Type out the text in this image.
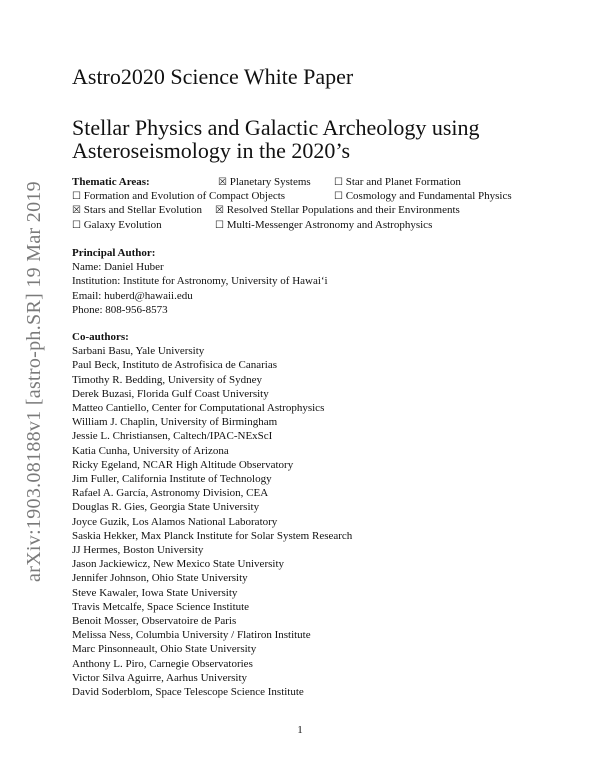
arXiv:1903.08188v1 [astro-ph.SR] 19 Mar 2019
Astro2020 Science White Paper
Stellar Physics and Galactic Archeology using Asteroseismology in the 2020’s
Thematic Areas:	☒ Planetary Systems ☐ Star and Planet Formation
☐ Formation and Evolution of Compact Objects	☐ Cosmology and Fundamental Physics
☒ Stars and Stellar Evolution ☒ Resolved Stellar Populations and their Environments
☐ Galaxy Evolution	☐ Multi-Messenger Astronomy and Astrophysics
Principal Author:
Name: Daniel Huber
Institution: Institute for Astronomy, University of Hawaiʻi
Email: huberd@hawaii.edu
Phone: 808-956-8573
Co-authors:
Sarbani Basu, Yale University
Paul Beck, Instituto de Astrofisica de Canarias
Timothy R. Bedding, University of Sydney
Derek Buzasi, Florida Gulf Coast University
Matteo Cantiello, Center for Computational Astrophysics
William J. Chaplin, University of Birmingham
Jessie L. Christiansen, Caltech/IPAC-NExScI
Katia Cunha, University of Arizona
Ricky Egeland, NCAR High Altitude Observatory
Jim Fuller, California Institute of Technology
Rafael A. García, Astronomy Division, CEA
Douglas R. Gies, Georgia State University
Joyce Guzik, Los Alamos National Laboratory
Saskia Hekker, Max Planck Institute for Solar System Research
JJ Hermes, Boston University
Jason Jackiewicz, New Mexico State University
Jennifer Johnson, Ohio State University
Steve Kawaler, Iowa State University
Travis Metcalfe, Space Science Institute
Benoit Mosser, Observatoire de Paris
Melissa Ness, Columbia University / Flatiron Institute
Marc Pinsonneault, Ohio State University
Anthony L. Piro, Carnegie Observatories
Victor Silva Aguirre, Aarhus University
David Soderblom, Space Telescope Science Institute
1
